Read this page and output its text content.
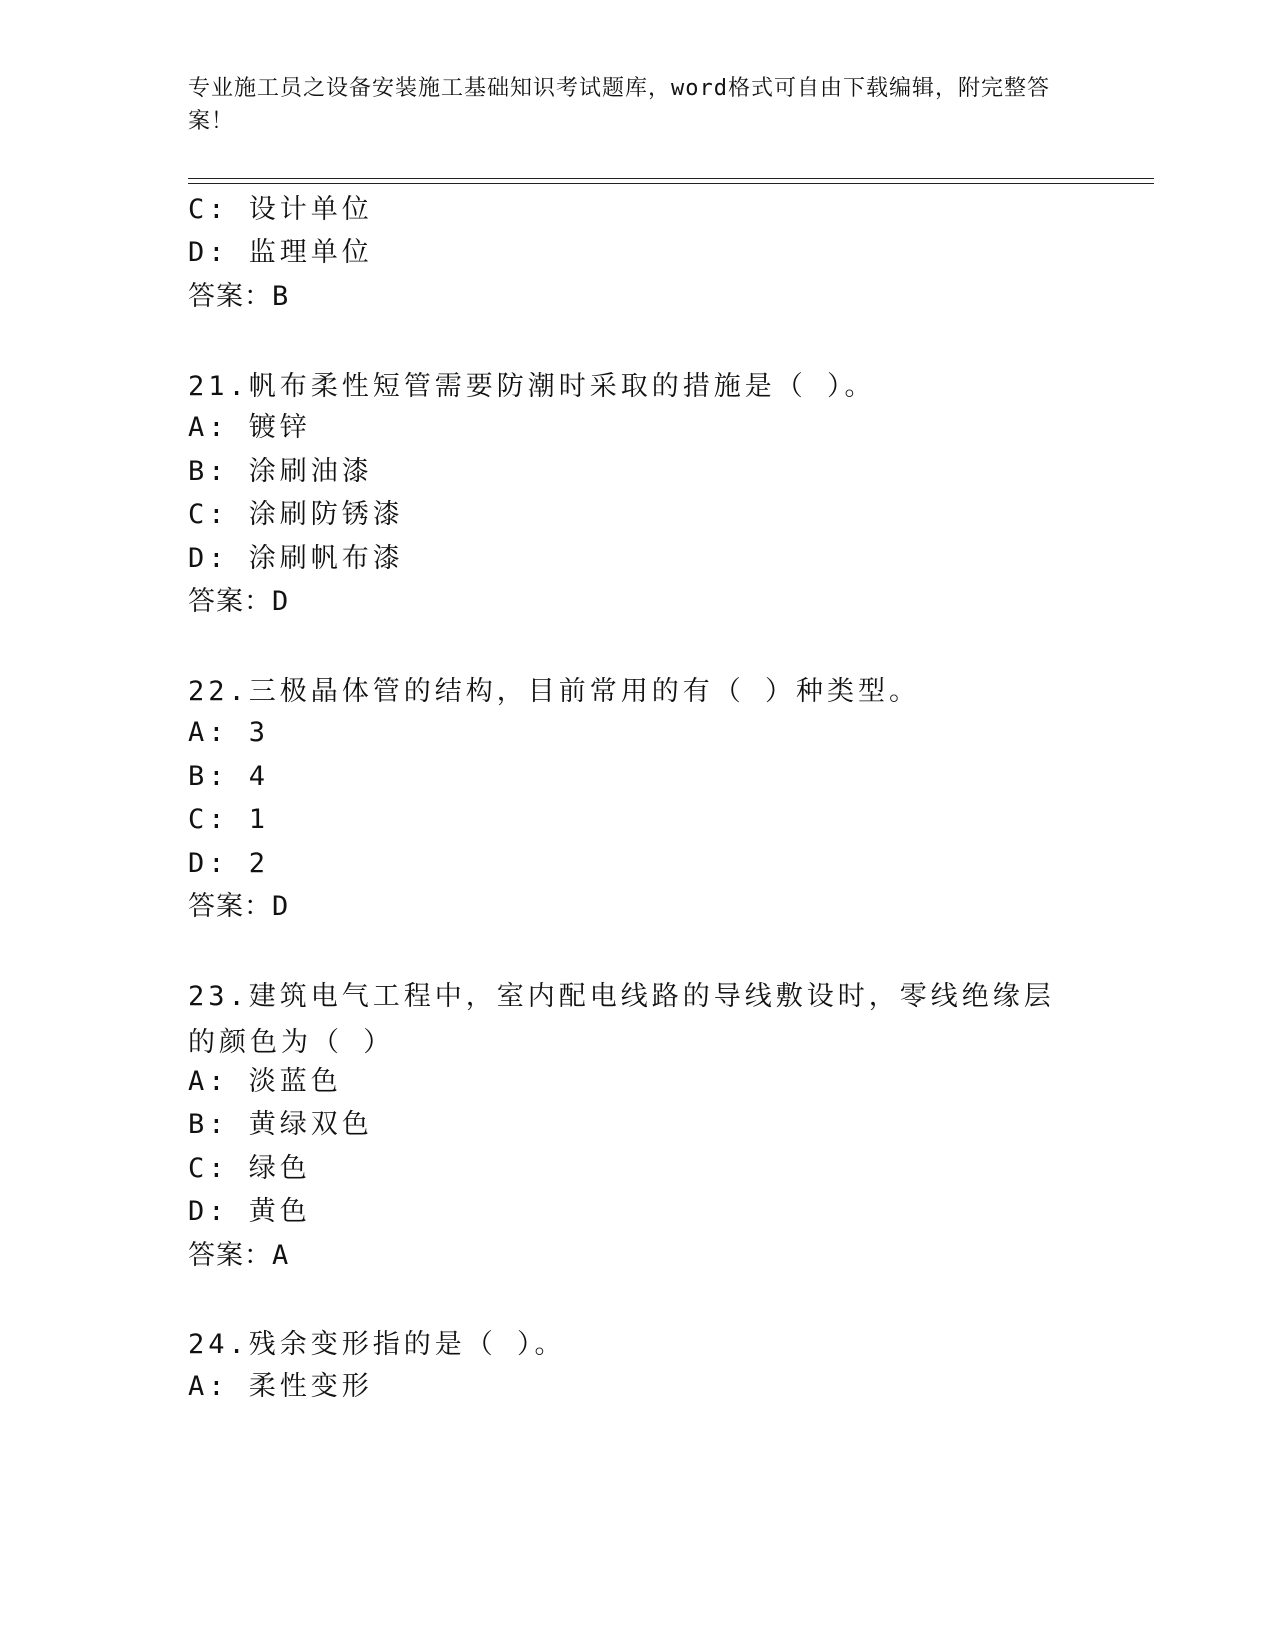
专业施工员之设备安装施工基础知识考试题库，word格式可自由下载编辑，附完整答案！
C: 设计单位
D: 监理单位
答案：B
21.帆布柔性短管需要防潮时采取的措施是（ ）。
A: 镀锌
B: 涂刷油漆
C: 涂刷防锈漆
D: 涂刷帆布漆
答案：D
22.三极晶体管的结构，目前常用的有（ ）种类型。
A: 3
B: 4
C: 1
D: 2
答案：D
23.建筑电气工程中，室内配电线路的导线敷设时，零线绝缘层的颜色为（ ）
A: 淡蓝色
B: 黄绿双色
C: 绿色
D: 黄色
答案：A
24.残余变形指的是（ ）。
A: 柔性变形
